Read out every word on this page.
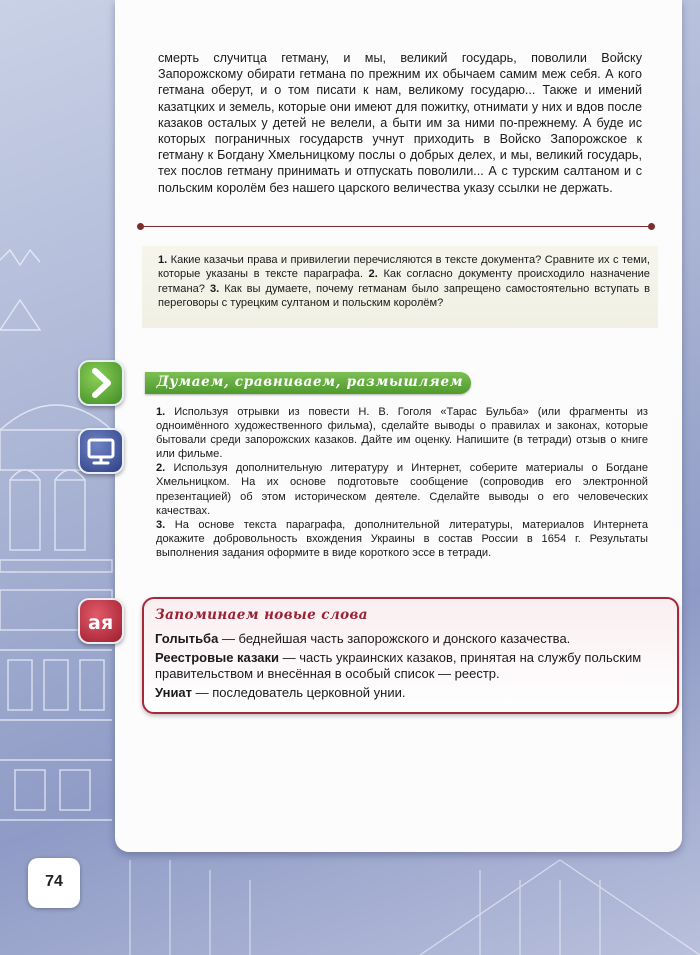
смерть случитца гетману, и мы, великий государь, поволили Войску Запорожскому обирати гетмана по прежним их обычаем самим меж себя. А кого гетмана оберут, и о том писати к нам, великому государю... Также и имений казатцких и земель, которые они имеют для пожитку, отнимати у них и вдов после казаков осталых у детей не велели, а быти им за ними по-прежнему. А буде ис которых пограничных государств учнут приходить в Войско Запорожское к гетману к Богдану Хмельницкому послы о добрых делех, и мы, великий государь, тех послов гетману принимать и отпускать поволили... А с турским салтаном и с польским королём без нашего царского величества указу ссылки не держать.
1. Какие казачьи права и привилегии перечисляются в тексте документа? Сравните их с теми, которые указаны в тексте параграфа. 2. Как согласно документу происходило назначение гетмана? 3. Как вы думаете, почему гетманам было запрещено самостоятельно вступать в переговоры с турецким султаном и польским королём?
Думаем, сравниваем, размышляем

1. Используя отрывки из повести Н. В. Гоголя «Тарас Бульба» (или фрагменты из одноимённого художественного фильма), сделайте выводы о правилах и законах, которые бытовали среди запорожских казаков. Дайте им оценку. Напишите (в тетради) отзыв о книге или фильме.

2. Используя дополнительную литературу и Интернет, соберите материалы о Богдане Хмельницком. На их основе подготовьте сообщение (сопроводив его электронной презентацией) об этом историческом деятеле. Сделайте выводы о его человеческих качествах.

3. На основе текста параграфа, дополнительной литературы, материалов Интернета докажите добровольность вхождения Украины в состав России в 1654 г. Результаты выполнения задания оформите в виде короткого эссе в тетради.

а я	Запоминаем новые слова

Голытьба — беднейшая часть запорожского и донского казачества.

Реестровые казаки — часть украинских казаков, принятая на службу польским правительством и внесённая в особый список — реестр.

Униат — последователь церковной унии.

74
